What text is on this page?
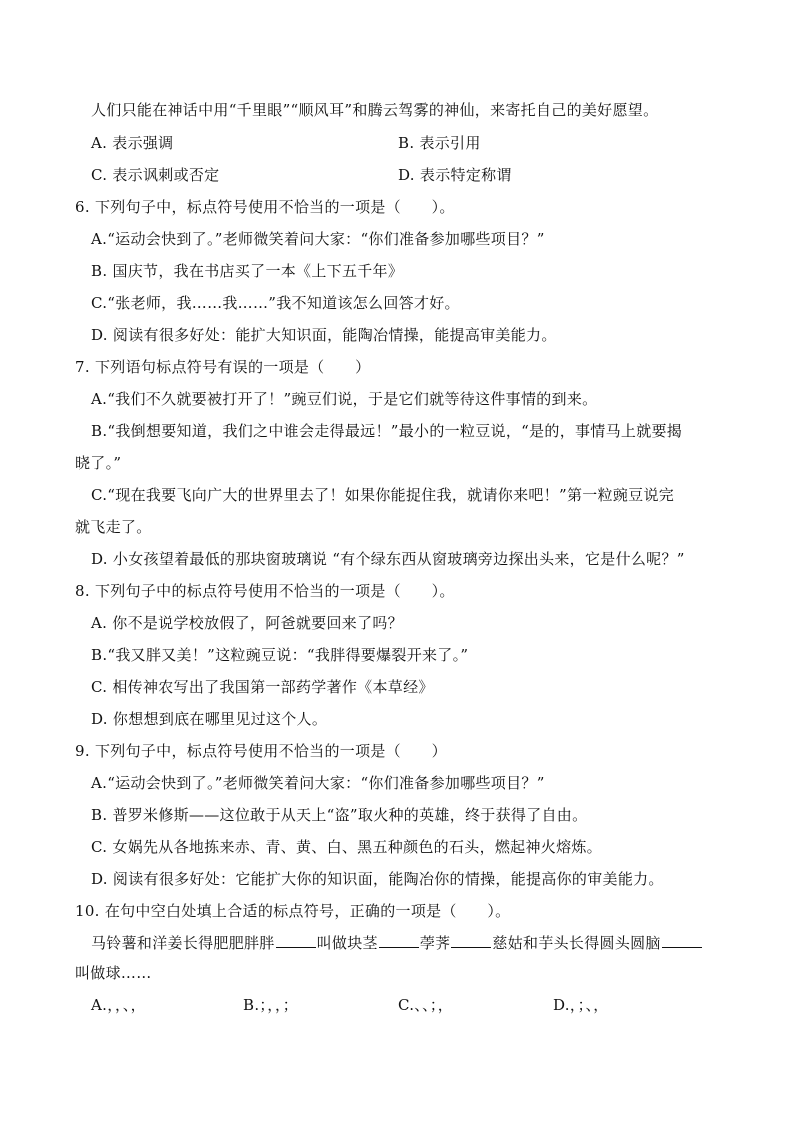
人们只能在神话中用“千里眼”“顺风耳”和腾云驾雾的神仙，来寄托自己的美好愿望。
A. 表示强调	B. 表示引用
C. 表示讽刺或否定	D. 表示特定称谓
6. 下列句子中，标点符号使用不恰当的一项是（　　）。
A.“运动会快到了。”老师微笑着问大家：“你们准备参加哪些项目？”
B. 国庆节，我在书店买了一本《上下五千年》
C.“张老师，我……我……”我不知道该怎么回答才好。
D. 阅读有很多好处：能扩大知识面，能陶冶情操，能提高审美能力。
7. 下列语句标点符号有误的一项是（　　）
A.“我们不久就要被打开了！”豌豆们说，于是它们就等待这件事情的到来。
B.“我倒想要知道，我们之中谁会走得最远！”最小的一粒豆说，“是的，事情马上就要揭
晓了。”
C.“现在我要飞向广大的世界里去了！如果你能捉住我，就请你来吧！”第一粒豌豆说完
就飞走了。
D. 小女孩望着最低的那块窗玻璃说 “有个绿东西从窗玻璃旁边探出头来，它是什么呢？”
8. 下列句子中的标点符号使用不恰当的一项是（　　）。
A. 你不是说学校放假了，阿爸就要回来了吗？
B.“我又胖又美！”这粒豌豆说：“我胖得要爆裂开来了。”
C. 相传神农写出了我国第一部药学著作《本草经》
D. 你想想到底在哪里见过这个人。
9. 下列句子中，标点符号使用不恰当的一项是（　　）
A.“运动会快到了。”老师微笑着问大家：“你们准备参加哪些项目？”
B. 普罗米修斯——这位敢于从天上“盗”取火种的英雄，终于获得了自由。
C. 女娲先从各地拣来赤、青、黄、白、黑五种颜色的石头，燃起神火熔炼。
D. 阅读有很多好处：它能扩大你的知识面，能陶冶你的情操，能提高你的审美能力。
10. 在句中空白处填上合适的标点符号，正确的一项是（　　）。
马铃薯和洋姜长得肥肥胖胖	叫做块茎	荸荠	慈姑和芋头长得圆头圆脑
叫做球……
A.，，、，	B.；，，；	C.、、；，	D.，；、，
